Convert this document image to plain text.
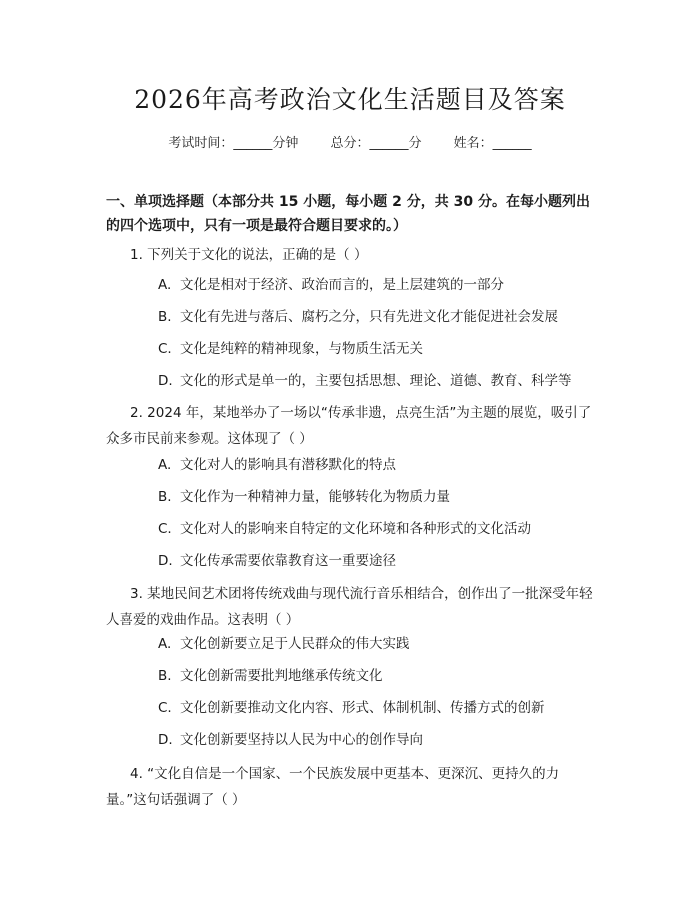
2026年高考政治文化生活题目及答案
考试时间：______分钟 总分：______分 姓名：______
一、单项选择题（本部分共 15 小题，每小题 2 分，共 30 分。在每小题列出的四个选项中，只有一项是最符合题目要求的。）
1. 下列关于文化的说法，正确的是（ ）
A. 文化是相对于经济、政治而言的，是上层建筑的一部分
B. 文化有先进与落后、腐朽之分，只有先进文化才能促进社会发展
C. 文化是纯粹的精神现象，与物质生活无关
D. 文化的形式是单一的，主要包括思想、理论、道德、教育、科学等
2. 2024 年，某地举办了一场以“传承非遗，点亮生活”为主题的展览，吸引了众多市民前来参观。这体现了（ ）
A. 文化对人的影响具有潜移默化的特点
B. 文化作为一种精神力量，能够转化为物质力量
C. 文化对人的影响来自特定的文化环境和各种形式的文化活动
D. 文化传承需要依靠教育这一重要途径
3. 某地民间艺术团将传统戏曲与现代流行音乐相结合，创作出了一批深受年轻人喜爱的戏曲作品。这表明（ ）
A. 文化创新要立足于人民群众的伟大实践
B. 文化创新需要批判地继承传统文化
C. 文化创新要推动文化内容、形式、体制机制、传播方式的创新
D. 文化创新要坚持以人民为中心的创作导向
4. “文化自信是一个国家、一个民族发展中更基本、更深沉、更持久的力量。”这句话强调了（ ）
